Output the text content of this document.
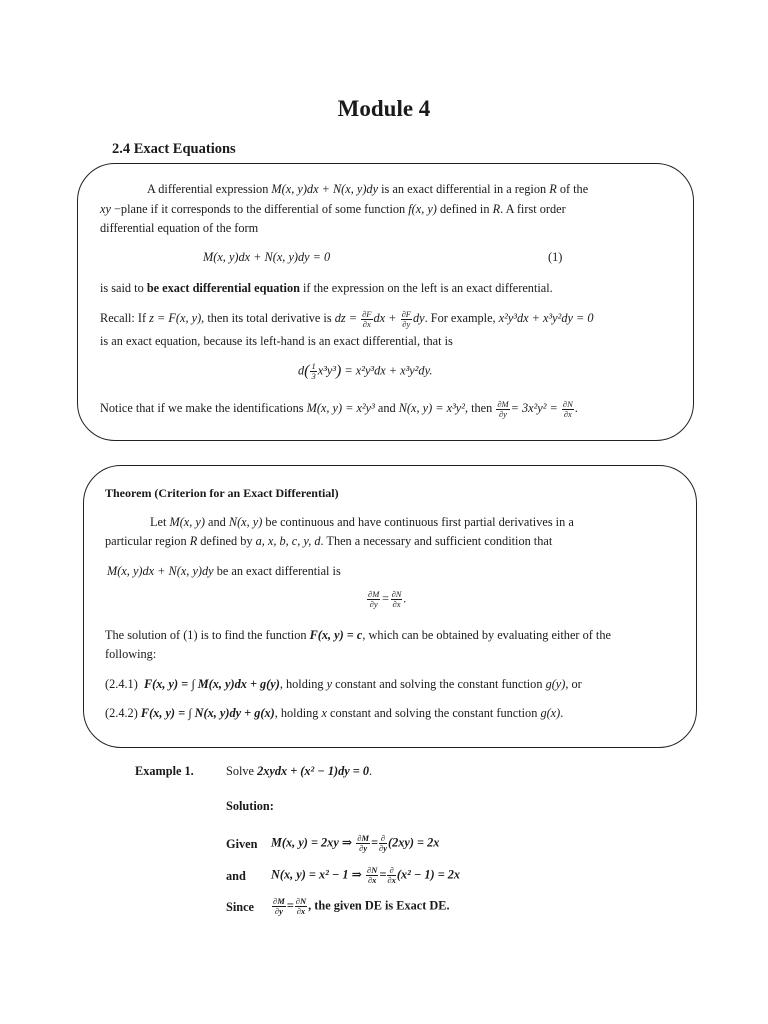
Module 4
2.4 Exact Equations

A differential expression M(x, y)dx + N(x, y)dy is an exact differential in a region R of the

xy −plane if it corresponds to the differential of some function f(x, y) defined in R. A first order

differential equation of the form

M(x, y)dx + N(x, y)dy = 0	(1)

is said to be exact differential equation if the expression on the left is an exact differential.

Recall: If z = F(x, y), then its total derivative is dz = $\frac{\partial F}{\partial x}$ dx + $\frac{\partial F}{\partial y}$ dy. For example, x²y³dx + x³y²dy = 0

is an exact equation, because its left-hand is an exact differential, that is

$d( \frac{1}{3} x^3y^3) = x^2y^3dx + x^3y^2dy$.

Notice that if we make the identifications M(x, y) = x²y³ and N(x, y) = x³y², then $\frac{\partial M}{\partial y} = 3x^2y^2 = \frac{\partial N}{\partial x}$ .

Theorem (Criterion for an Exact Differential)

Let M(x, y) and N(x, y) be continuous and have continuous first partial derivatives in a

particular region R defined by a, x, b, c, y, d. Then a necessary and sufficient condition that

M(x, y)dx + N(x, y)dy be an exact differential is

$\frac{\partial M}{\partial y} = \frac{\partial N}{\partial x}$ .

The solution of (1) is to find the function F(x, y) = c, which can be obtained by evaluating either of the

following:

(2.4.1) F(x, y) = ∫ M(x, y)dx + g(y), holding y constant and solving the constant function g(y), or

(2.4.2) F(x, y) = ∫ N(x, y)dy + g(x), holding x constant and solving the constant function g(x).

Example 1.	Solve 2xydx + (x² − 1)dy = 0.
Solution:
Given M(x, y) = 2xy ⇒ $\frac{\partial M}{\partial y} = \frac{\partial}{\partial y} (2xy) = 2x$
and N(x, y) = x² − 1 ⇒ $\frac{\partial N}{\partial x} = \frac{\partial}{\partial x} (x^2 - 1) = 2x$
Since $\frac{\partial M}{\partial y} = \frac{\partial N}{\partial x}$ , the given DE is Exact DE.
